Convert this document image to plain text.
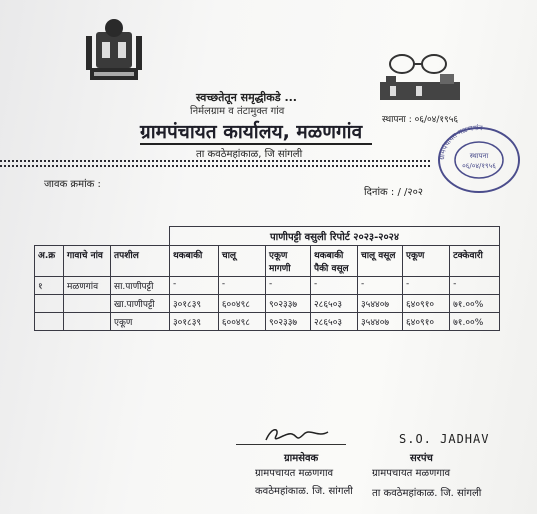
स्वच्छतेतून समृद्धीकडे ...
निर्मलग्राम व तंटामुक्त गांव
स्थापना : ०६/०४/१९५६
ग्रामपंचायत कार्यालय, मळणगांव
ता कवठेमहांकाळ, जि सांगली	ग्रामपंचायत मळणगांव
स्थापना
०६/०४/१९५६
जावक क्रमांक :
दिनांक : / /२०२
			पाणीपट्टी वसुली रिपोर्ट २०२३-२०२४						
अ.क्र	गावाचे नांव	तपशील	थकबाकी	चालू	एकूण मागणी	थकबाकी पैकी वसूल	चालू वसूल	एकूण	टक्केवारी
१	मळणगांव	सा.पाणीपट्टी	-	-	-	-	-	-	-
		खा.पाणीपट्टी	३०१८३९	६००४९८	९०२३३७	२८६५०३	३५४४०७	६४०९१०	७१.००%
		एकूण	३०१८३९	६००४९८	९०२३३७	२८६५०३	३५४४०७	६४०९१०	७१.००%
S.O. JADHAV
ग्रामसेवक	सरपंच
ग्रामपचायत मळणगाव	ग्रामपचायत मळणगाव
कवठेमहांकाळ. जि. सांगली ता कवठेमहांकाळ. जि. सांगली
